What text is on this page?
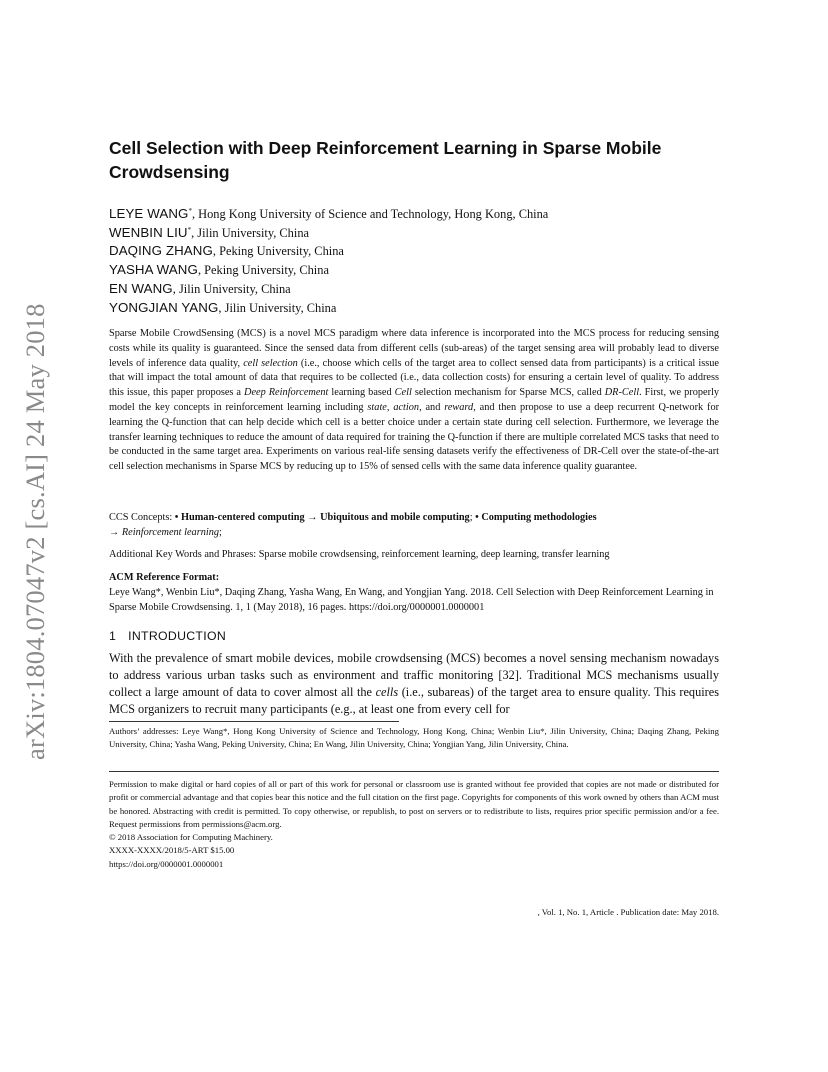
arXiv:1804.07047v2 [cs.AI] 24 May 2018
Cell Selection with Deep Reinforcement Learning in Sparse Mobile Crowdsensing
LEYE WANG*, Hong Kong University of Science and Technology, Hong Kong, China
WENBIN LIU*, Jilin University, China
DAQING ZHANG, Peking University, China
YASHA WANG, Peking University, China
EN WANG, Jilin University, China
YONGJIAN YANG, Jilin University, China

Sparse Mobile CrowdSensing (MCS) is a novel MCS paradigm where data inference is incorporated into the MCS process for reducing sensing costs while its quality is guaranteed. Since the sensed data from different cells (sub-areas) of the target sensing area will probably lead to diverse levels of inference data quality, cell selection (i.e., choose which cells of the target area to collect sensed data from participants) is a critical issue that will impact the total amount of data that requires to be collected (i.e., data collection costs) for ensuring a certain level of quality. To address this issue, this paper proposes a Deep Reinforcement learning based Cell selection mechanism for Sparse MCS, called DR-Cell. First, we properly model the key concepts in reinforcement learning including state, action, and reward, and then propose to use a deep recurrent Q-network for learning the Q-function that can help decide which cell is a better choice under a certain state during cell selection. Furthermore, we leverage the transfer learning techniques to reduce the amount of data required for training the Q-function if there are multiple correlated MCS tasks that need to be conducted in the same target area. Experiments on various real-life sensing datasets verify the effectiveness of DR-Cell over the state-of-the-art cell selection mechanisms in Sparse MCS by reducing up to 15% of sensed cells with the same data inference quality guarantee.

CCS Concepts: • Human-centered computing → Ubiquitous and mobile computing; • Computing methodologies
→ Reinforcement learning;
Additional Key Words and Phrases: Sparse mobile crowdsensing, reinforcement learning, deep learning, transfer learning
ACM Reference Format:
Leye Wang*, Wenbin Liu*, Daqing Zhang, Yasha Wang, En Wang, and Yongjian Yang. 2018. Cell Selection with Deep Reinforcement Learning in Sparse Mobile Crowdsensing. 1, 1 (May 2018), 16 pages. https://doi.org/0000001.0000001
1 INTRODUCTION
With the prevalence of smart mobile devices, mobile crowdsensing (MCS) becomes a novel sensing mechanism nowadays to address various urban tasks such as environment and traffic monitoring [32]. Traditional MCS mechanisms usually collect a large amount of data to cover almost all the cells (i.e., subareas) of the target area to ensure quality. This requires MCS organizers to recruit many participants (e.g., at least one from every cell for
Authors’ addresses: Leye Wang*, Hong Kong University of Science and Technology, Hong Kong, China; Wenbin Liu*, Jilin University, China; Daqing Zhang, Peking University, China; Yasha Wang, Peking University, China; En Wang, Jilin University, China; Yongjian Yang, Jilin University, China.

Permission to make digital or hard copies of all or part of this work for personal or classroom use is granted without fee provided that copies are not made or distributed for profit or commercial advantage and that copies bear this notice and the full citation on the first page. Copyrights for components of this work owned by others than ACM must be honored. Abstracting with credit is permitted. To copy otherwise, or republish, to post on servers or to redistribute to lists, requires prior specific permission and/or a fee. Request permissions from permissions@acm.org.

© 2018 Association for Computing Machinery.

XXXX-XXXX/2018/5-ART $15.00

https://doi.org/0000001.0000001

, Vol. 1, No. 1, Article . Publication date: May 2018.
